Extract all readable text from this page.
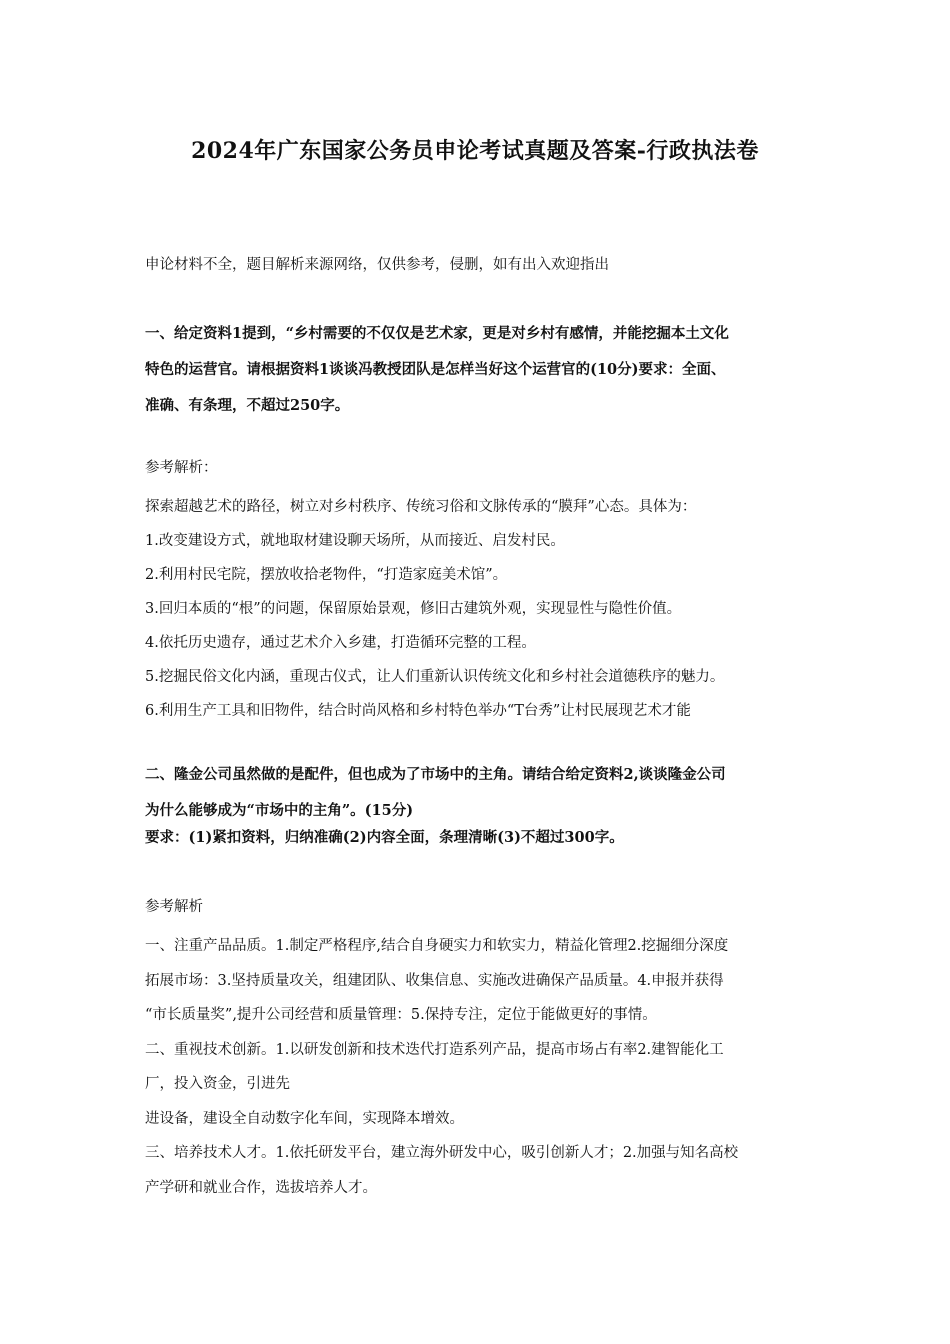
2024年广东国家公务员申论考试真题及答案-行政执法卷

申论材料不全，题目解析来源网络，仅供参考，侵删，如有出入欢迎指出

一、给定资料1提到，“乡村需要的不仅仅是艺术家，更是对乡村有感情，并能挖掘本土文化
特色的运营官。请根据资料1谈谈冯教授团队是怎样当好这个运营官的(10分)要求：全面、
准确、有条理，不超过250字。

参考解析：

探索超越艺术的路径，树立对乡村秩序、传统习俗和文脉传承的“膜拜”心态。具体为：
1.改变建设方式，就地取材建设聊天场所，从而接近、启发村民。
2.利用村民宅院，摆放收拾老物件，“打造家庭美术馆”。
3.回归本质的“根”的问题，保留原始景观，修旧古建筑外观，实现显性与隐性价值。
4.依托历史遗存，通过艺术介入乡建，打造循环完整的工程。
5.挖掘民俗文化内涵，重现古仪式，让人们重新认识传统文化和乡村社会道德秩序的魅力。
6.利用生产工具和旧物件，结合时尚风格和乡村特色举办“T台秀”让村民展现艺术才能
二、隆金公司虽然做的是配件，但也成为了市场中的主角。请结合给定资料2,谈谈隆金公司
为什么能够成为“市场中的主角”。(15分)

要求：(1)紧扣资料，归纳准确(2)内容全面，条理清晰(3)不超过300字。

参考解析

一、注重产品品质。1.制定严格程序,结合自身硬实力和软实力，精益化管理2.挖掘细分深度
拓展市场：3.坚持质量攻关，组建团队、收集信息、实施改进确保产品质量。4.申报并获得
“市长质量奖”,提升公司经营和质量管理：5.保持专注，定位于能做更好的事情。
二、重视技术创新。1.以研发创新和技术迭代打造系列产品，提高市场占有率2.建智能化工
厂，投入资金，引进先
进设备，建设全自动数字化车间，实现降本增效。
三、培养技术人才。1.依托研发平台，建立海外研发中心，吸引创新人才；2.加强与知名高校
产学研和就业合作，选拔培养人才。
